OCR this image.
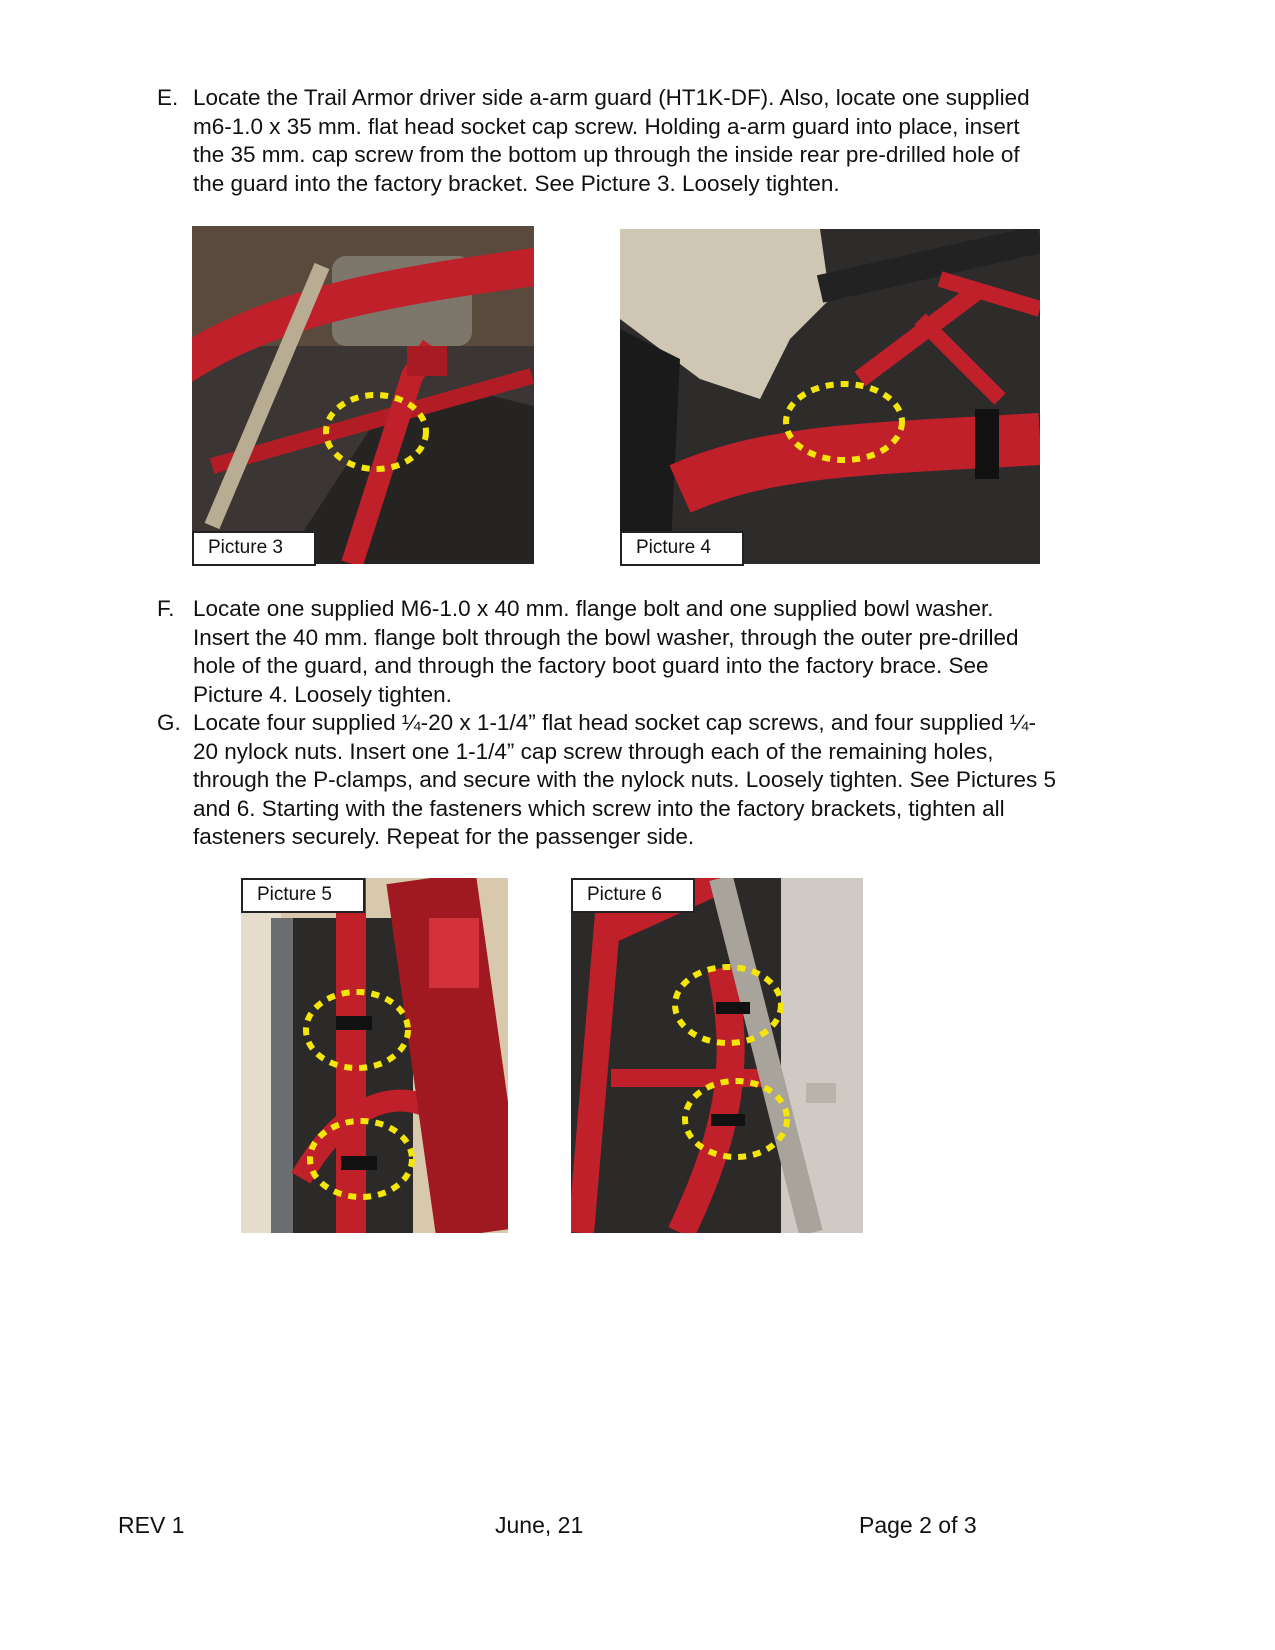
E. Locate the Trail Armor driver side a-arm guard (HT1K-DF). Also, locate one supplied
m6-1.0 x 35 mm. flat head socket cap screw. Holding a-arm guard into place, insert
the 35 mm. cap screw from the bottom up through the inside rear pre-drilled hole of
the guard into the factory bracket. See Picture 3. Loosely tighten.

Picture 3	Picture 4
F. Locate one supplied M6-1.0 x 40 mm. flange bolt and one supplied bowl washer.
Insert the 40 mm. flange bolt through the bowl washer, through the outer pre-drilled
hole of the guard, and through the factory boot guard into the factory brace. See
Picture 4. Loosely tighten.

G. Locate four supplied ¼-20 x 1-1/4” flat head socket cap screws, and four supplied ¼-
20 nylock nuts. Insert one 1-1/4” cap screw through each of the remaining holes,
through the P-clamps, and secure with the nylock nuts. Loosely tighten. See Pictures 5
and 6. Starting with the fasteners which screw into the factory brackets, tighten all
fasteners securely. Repeat for the passenger side.

Picture 5	Picture 6
REV 1	June, 21	Page 2 of 3
